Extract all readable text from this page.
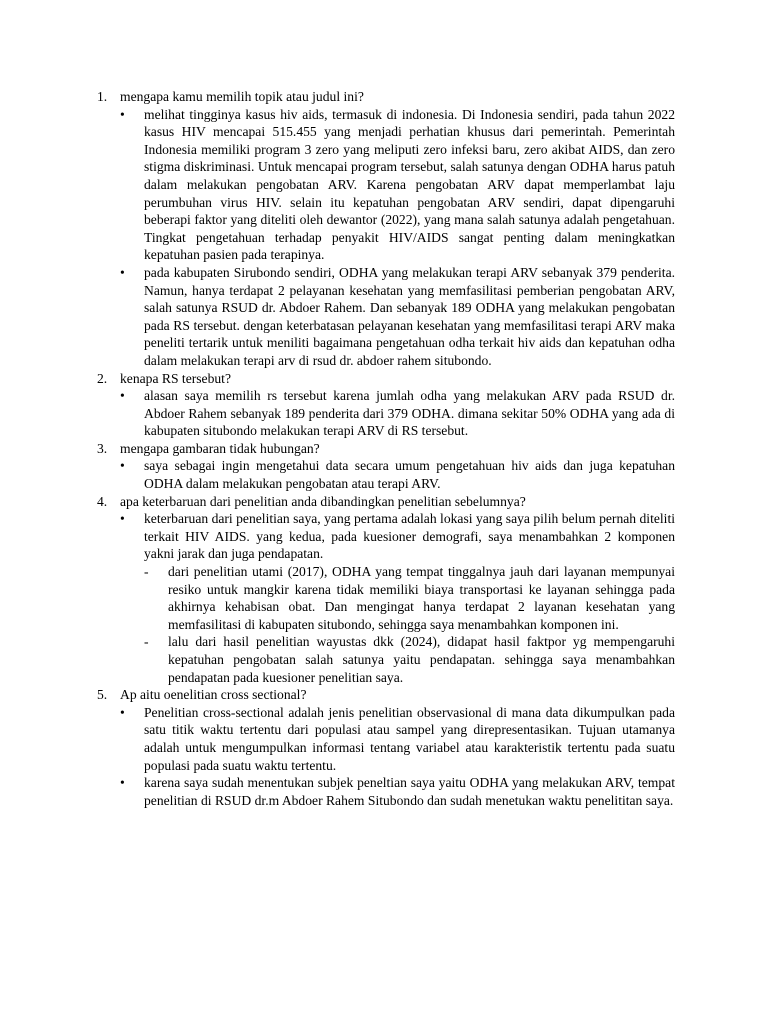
1. mengapa kamu memilih topik atau judul ini?

•	melihat tingginya kasus hiv aids, termasuk di indonesia. Di Indonesia sendiri, pada tahun 2022 kasus HIV mencapai 515.455 yang menjadi perhatian khusus dari pemerintah. Pemerintah Indonesia memiliki program 3 zero yang meliputi zero infeksi baru, zero akibat AIDS, dan zero stigma diskriminasi. Untuk mencapai program tersebut, salah satunya dengan ODHA harus patuh dalam melakukan pengobatan ARV. Karena pengobatan ARV dapat memperlambat laju perumbuhan virus HIV. selain itu kepatuhan pengobatan ARV sendiri, dapat dipengaruhi beberapi faktor yang diteliti oleh dewantor (2022), yang mana salah satunya adalah pengetahuan. Tingkat pengetahuan terhadap penyakit HIV/AIDS sangat penting dalam meningkatkan kepatuhan pasien pada terapinya.

•	pada kabupaten Sirubondo sendiri, ODHA yang melakukan terapi ARV sebanyak 379 penderita. Namun, hanya terdapat 2 pelayanan kesehatan yang memfasilitasi pemberian pengobatan ARV, salah satunya RSUD dr. Abdoer Rahem. Dan sebanyak 189 ODHA yang melakukan pengobatan pada RS tersebut. dengan keterbatasan pelayanan kesehatan yang memfasilitasi terapi ARV maka peneliti tertarik untuk meniliti bagaimana pengetahuan odha terkait hiv aids dan kepatuhan odha dalam melakukan terapi arv di rsud dr. abdoer rahem situbondo.

2. kenapa RS tersebut?

•	alasan saya memilih rs tersebut karena jumlah odha yang melakukan ARV pada RSUD dr. Abdoer Rahem sebanyak 189 penderita dari 379 ODHA. dimana sekitar 50% ODHA yang ada di kabupaten situbondo melakukan terapi ARV di RS tersebut.

3. mengapa gambaran tidak hubungan?

•	saya sebagai ingin mengetahui data secara umum pengetahuan hiv aids dan juga kepatuhan ODHA dalam melakukan pengobatan atau terapi ARV.

4. apa keterbaruan dari penelitian anda dibandingkan penelitian sebelumnya?

•	keterbaruan dari penelitian saya, yang pertama adalah lokasi yang saya pilih belum pernah diteliti terkait HIV AIDS. yang kedua, pada kuesioner demografi, saya menambahkan 2 komponen yakni jarak dan juga pendapatan.

- dari penelitian utami (2017), ODHA yang tempat tinggalnya jauh dari layanan mempunyai resiko untuk mangkir karena tidak memiliki biaya transportasi ke layanan sehingga pada akhirnya kehabisan obat. Dan mengingat hanya terdapat 2 layanan kesehatan yang memfasilitasi di kabupaten situbondo, sehingga saya menambahkan komponen ini.

- lalu dari hasil penelitian wayustas dkk (2024), didapat hasil faktpor yg mempengaruhi kepatuhan pengobatan salah satunya yaitu pendapatan. sehingga saya menambahkan pendapatan pada kuesioner penelitian saya.

5. Ap aitu oenelitian cross sectional?

•	Penelitian cross-sectional adalah jenis penelitian observasional di mana data dikumpulkan pada satu titik waktu tertentu dari populasi atau sampel yang direpresentasikan. Tujuan utamanya adalah untuk mengumpulkan informasi tentang variabel atau karakteristik tertentu pada suatu populasi pada suatu waktu tertentu.

•	karena saya sudah menentukan subjek peneltian saya yaitu ODHA yang melakukan ARV, tempat penelitian di RSUD dr.m Abdoer Rahem Situbondo dan sudah menetukan waktu penelititan saya.
